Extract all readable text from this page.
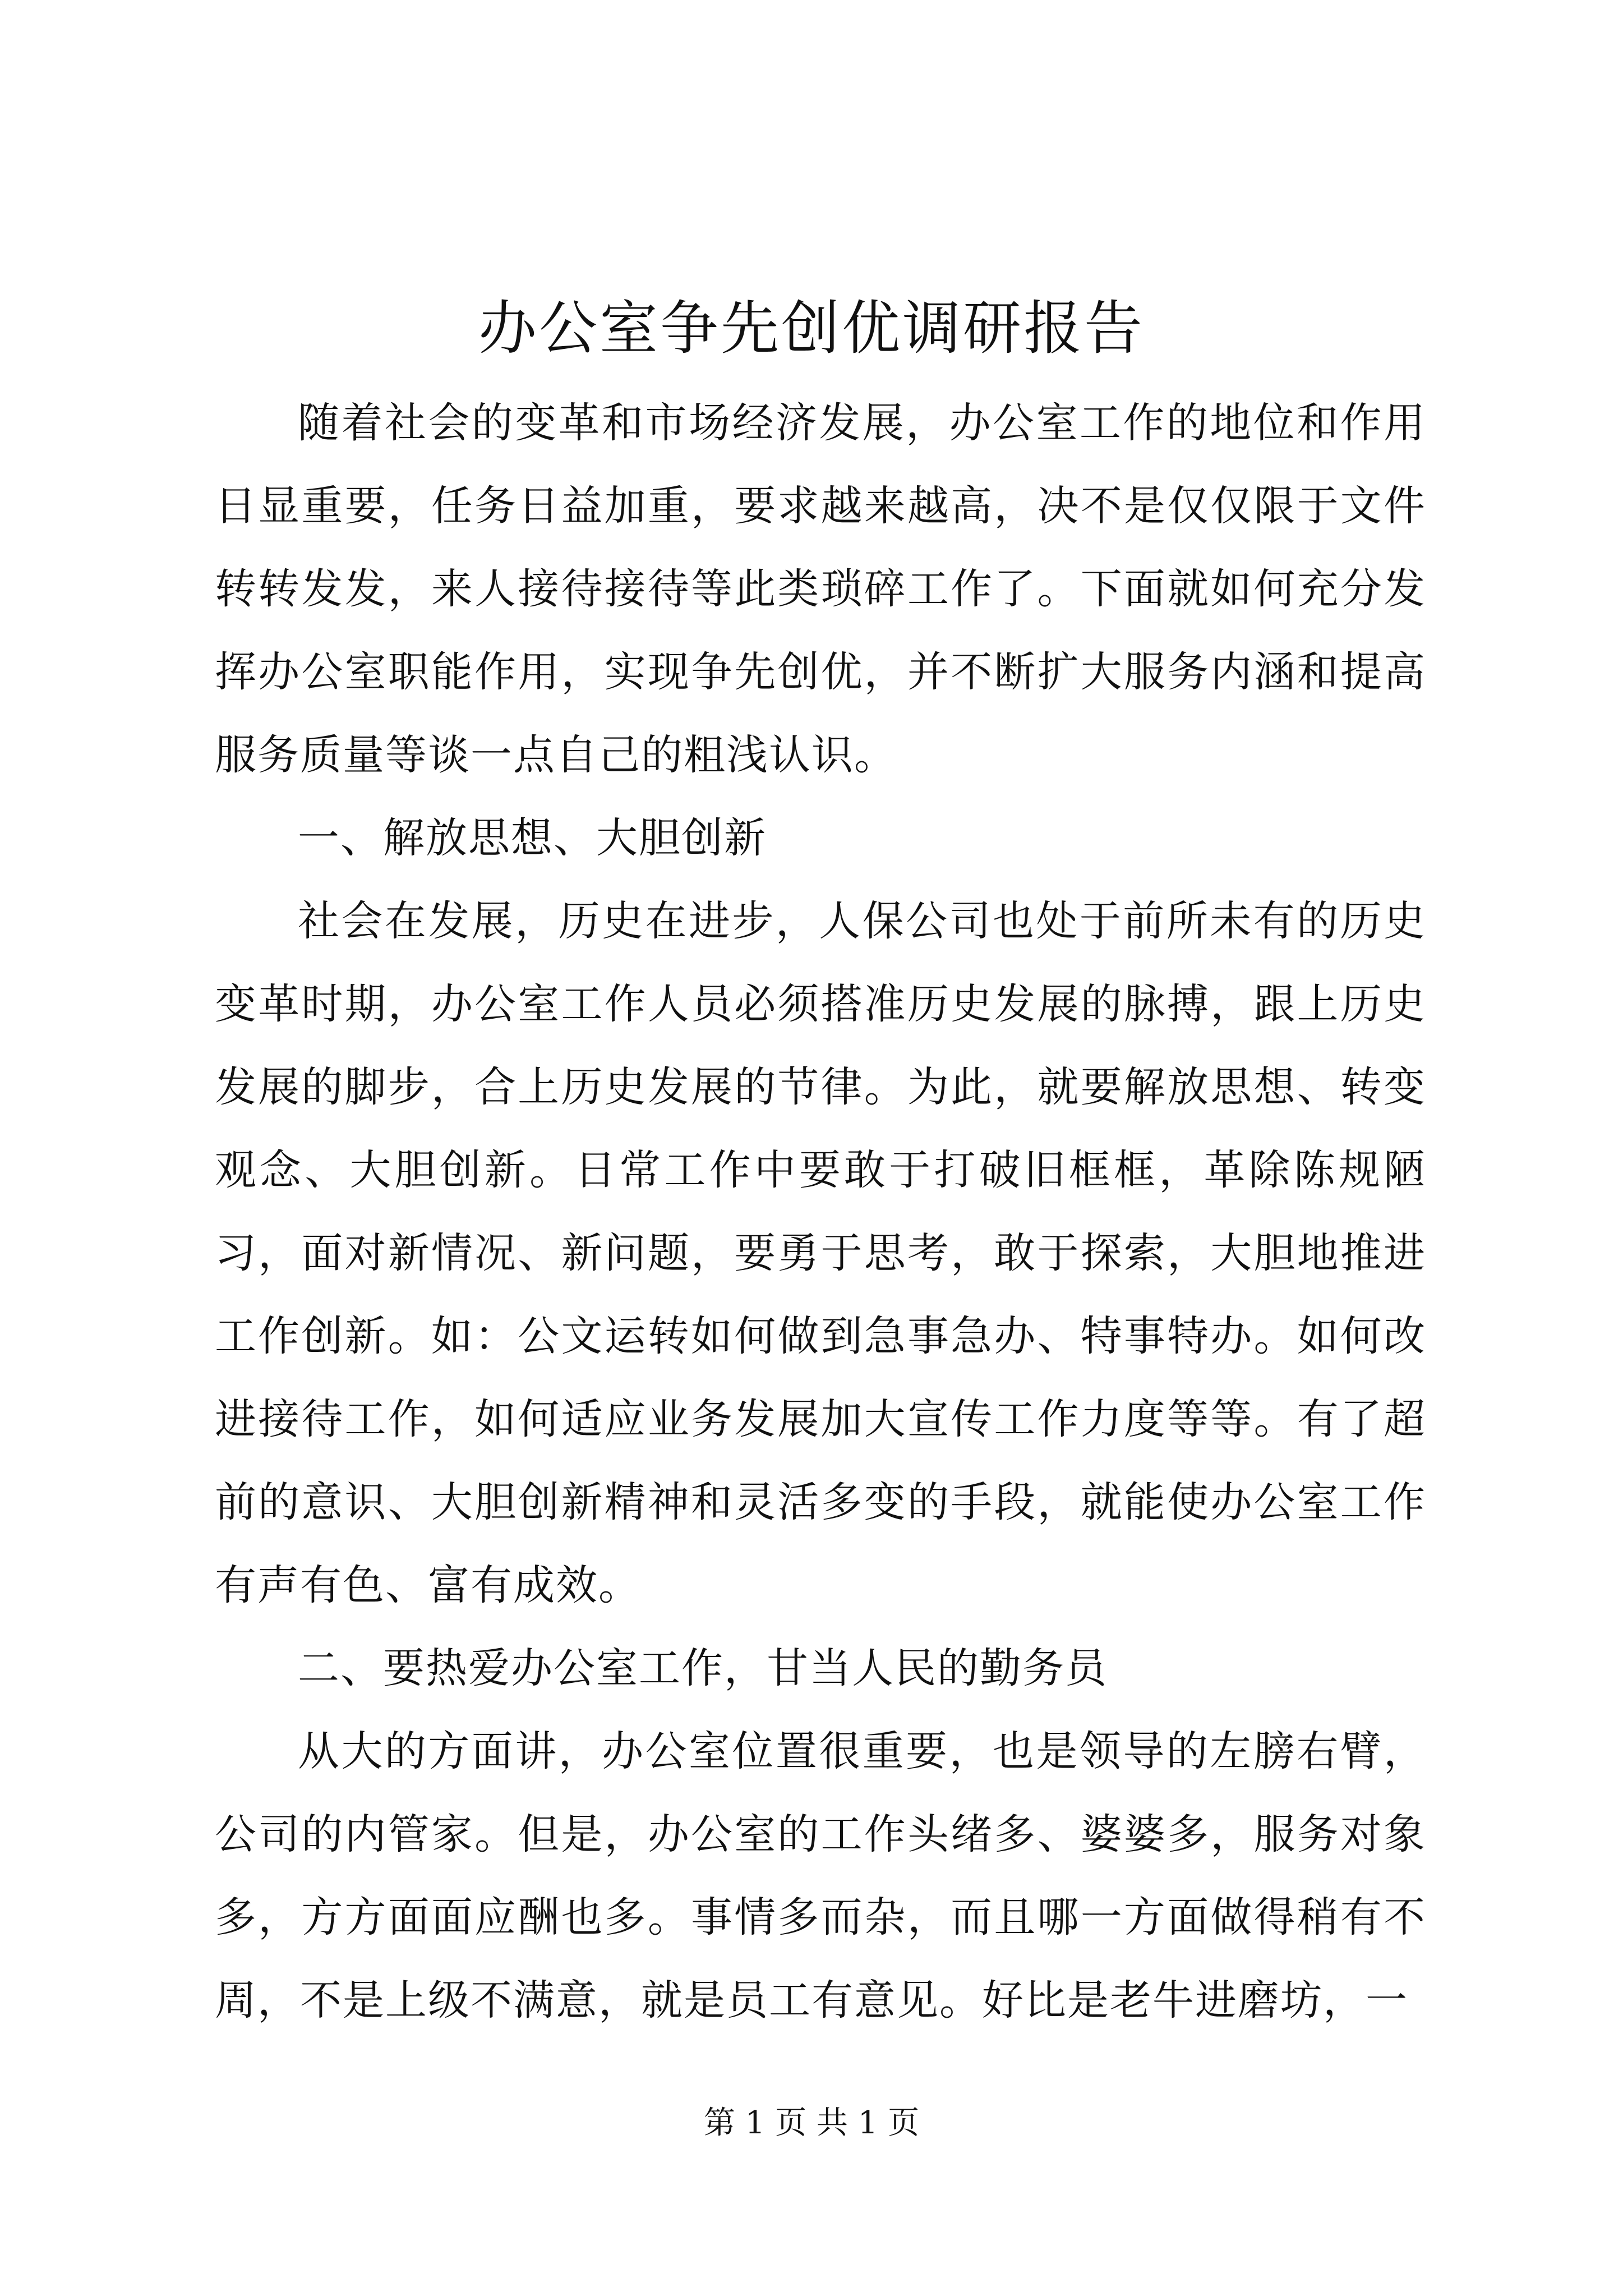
办公室争先创优调研报告

随着社会的变革和市场经济发展，办公室工作的地位和作用日显重要，任务日益加重，要求越来越高，决不是仅仅限于文件转转发发，来人接待接待等此类琐碎工作了。下面就如何充分发挥办公室职能作用，实现争先创优，并不断扩大服务内涵和提高服务质量等谈一点自己的粗浅认识。

一、解放思想、大胆创新

社会在发展，历史在进步，人保公司也处于前所未有的历史变革时期，办公室工作人员必须搭准历史发展的脉搏，跟上历史发展的脚步，合上历史发展的节律。为此，就要解放思想、转变观念、大胆创新。日常工作中要敢于打破旧框框，革除陈规陋习，面对新情况、新问题，要勇于思考，敢于探索，大胆地推进工作创新。如：公文运转如何做到急事急办、特事特办。如何改进接待工作，如何适应业务发展加大宣传工作力度等等。有了超前的意识、大胆创新精神和灵活多变的手段，就能使办公室工作有声有色、富有成效。

二、要热爱办公室工作，甘当人民的勤务员

从大的方面讲，办公室位置很重要，也是领导的左膀右臂，公司的内管家。但是，办公室的工作头绪多、婆婆多，服务对象多，方方面面应酬也多。事情多而杂，而且哪一方面做得稍有不周，不是上级不满意，就是员工有意见。好比是老牛进磨坊，一

第 1 页 共 1 页
